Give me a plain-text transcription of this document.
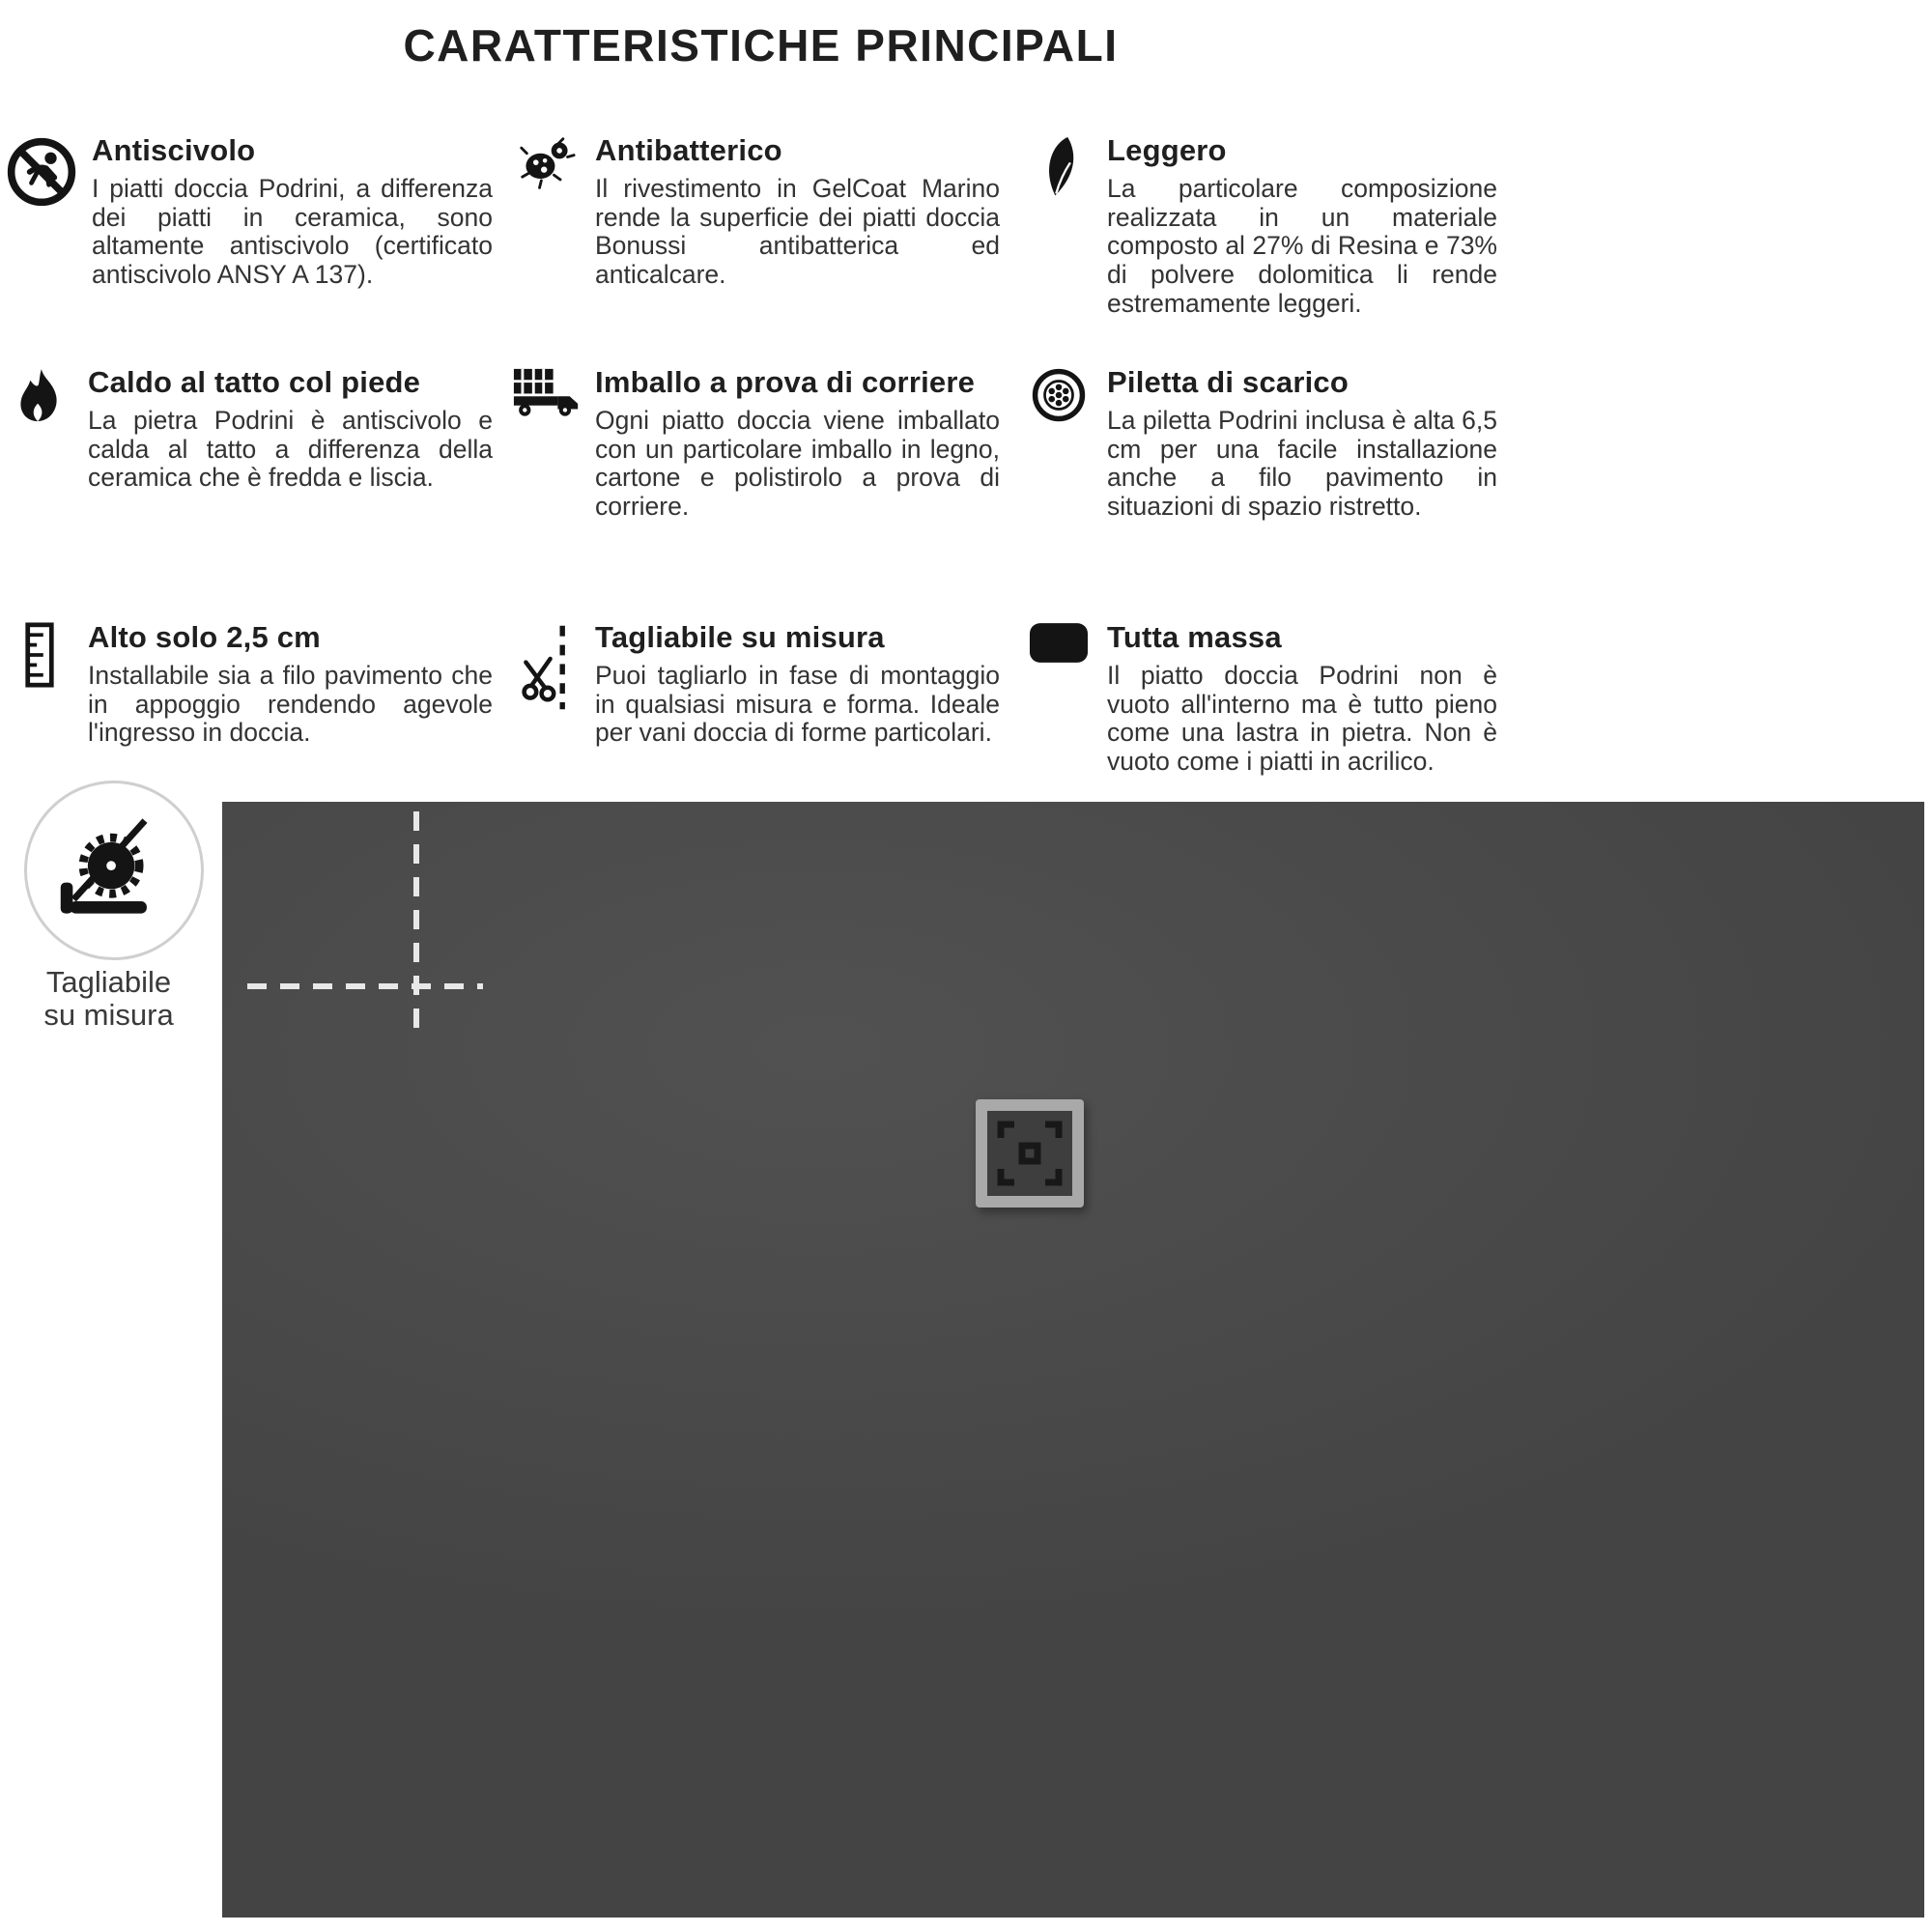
CARATTERISTICHE PRINCIPALI
Antiscivolo

I piatti doccia Podrini, a differenza dei piatti in ceramica, sono altamente antiscivolo (certificato antiscivolo ANSY A 137).

Antibatterico

Il rivestimento in GelCoat Marino rende la superficie dei piatti doccia Bonussi antibatterica ed anticalcare.

Leggero

La particolare composizione realizzata in un materiale composto al 27% di Resina e 73% di polvere dolomitica li rende estremamente leggeri.

Caldo al tatto col piede

La pietra Podrini è antiscivolo e calda al tatto a differenza della ceramica che è fredda e liscia.

Imballo a prova di corriere

Ogni piatto doccia viene imballato con un particolare imballo in legno, cartone e polistirolo a prova di corriere.

Piletta di scarico

La piletta Podrini inclusa è alta 6,5 cm per una facile installazione anche a filo pavimento in situazioni di spazio ristretto.

Alto solo 2,5 cm

Installabile sia a filo pavimento che in appoggio rendendo agevole l'ingresso in doccia.

Tagliabile su misura

Puoi tagliarlo in fase di montaggio in qualsiasi misura e forma. Ideale per vani doccia di forme particolari.

Tutta massa

Il piatto doccia Podrini non è vuoto all'interno ma è tutto pieno come una lastra in pietra. Non è vuoto come i piatti in acrilico.

Tagliabile
su misura
